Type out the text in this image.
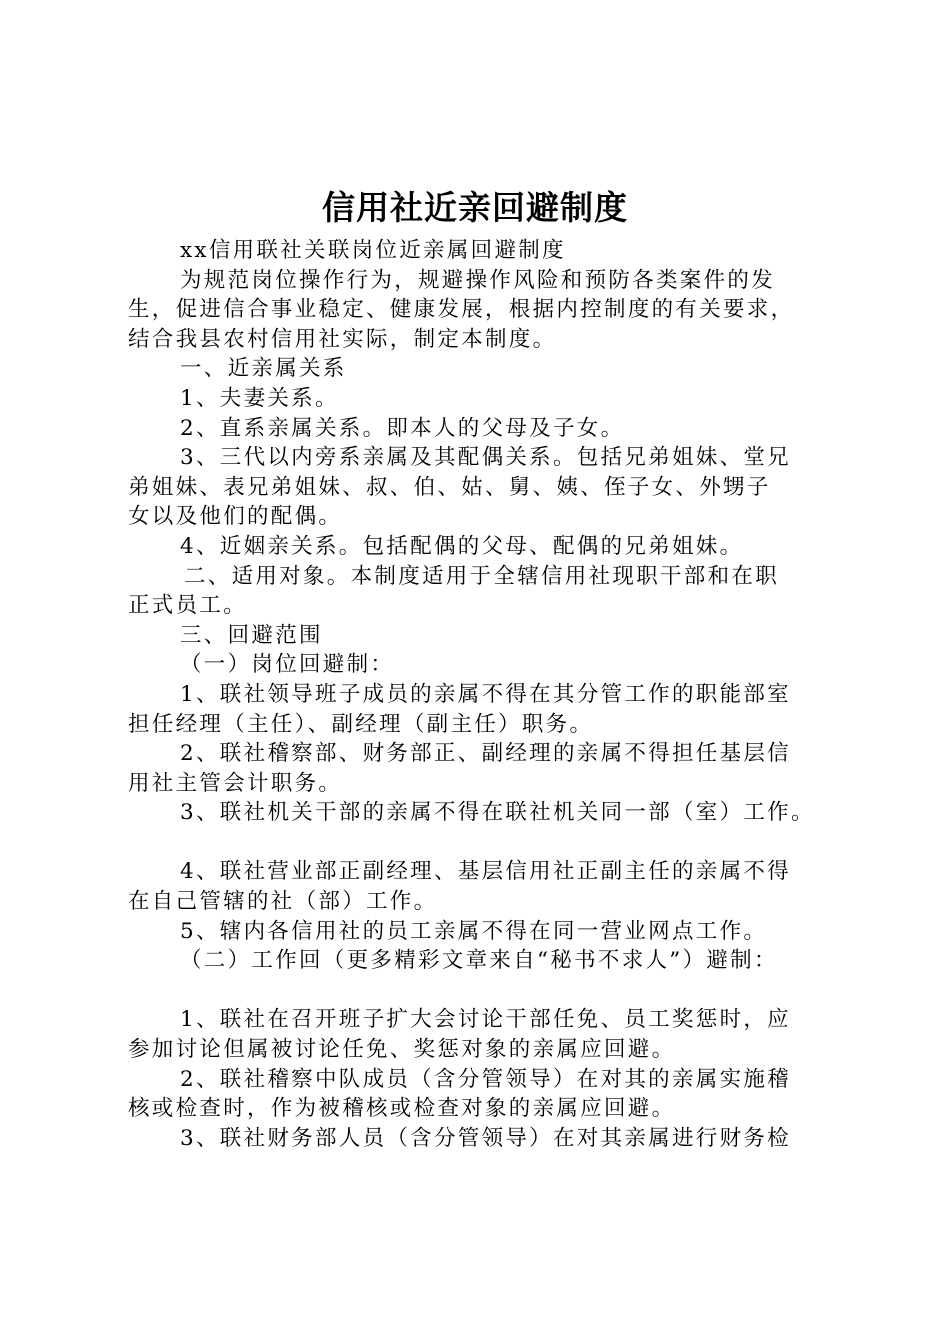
信用社近亲回避制度

xx信用联社关联岗位近亲属回避制度

为规范岗位操作行为，规避操作风险和预防各类案件的发

生，促进信合事业稳定、健康发展，根据内控制度的有关要求，

结合我县农村信用社实际，制定本制度。

一、近亲属关系

1、夫妻关系。

2、直系亲属关系。即本人的父母及子女。

3、三代以内旁系亲属及其配偶关系。包括兄弟姐妹、堂兄

弟姐妹、表兄弟姐妹、叔、伯、姑、舅、姨、侄子女、外甥子

女以及他们的配偶。

4、近姻亲关系。包括配偶的父母、配偶的兄弟姐妹。

二、适用对象。本制度适用于全辖信用社现职干部和在职

正式员工。

三、回避范围

（一）岗位回避制：

1、联社领导班子成员的亲属不得在其分管工作的职能部室

担任经理（主任）、副经理（副主任）职务。

2、联社稽察部、财务部正、副经理的亲属不得担任基层信

用社主管会计职务。

3、联社机关干部的亲属不得在联社机关同一部（室）工作。

4、联社营业部正副经理、基层信用社正副主任的亲属不得

在自己管辖的社（部）工作。

5、辖内各信用社的员工亲属不得在同一营业网点工作。

（二）工作回（更多精彩文章来自“秘书不求人”）避制：

1、联社在召开班子扩大会讨论干部任免、员工奖惩时，应

参加讨论但属被讨论任免、奖惩对象的亲属应回避。

2、联社稽察中队成员（含分管领导）在对其的亲属实施稽

核或检查时，作为被稽核或检查对象的亲属应回避。

3、联社财务部人员（含分管领导）在对其亲属进行财务检
